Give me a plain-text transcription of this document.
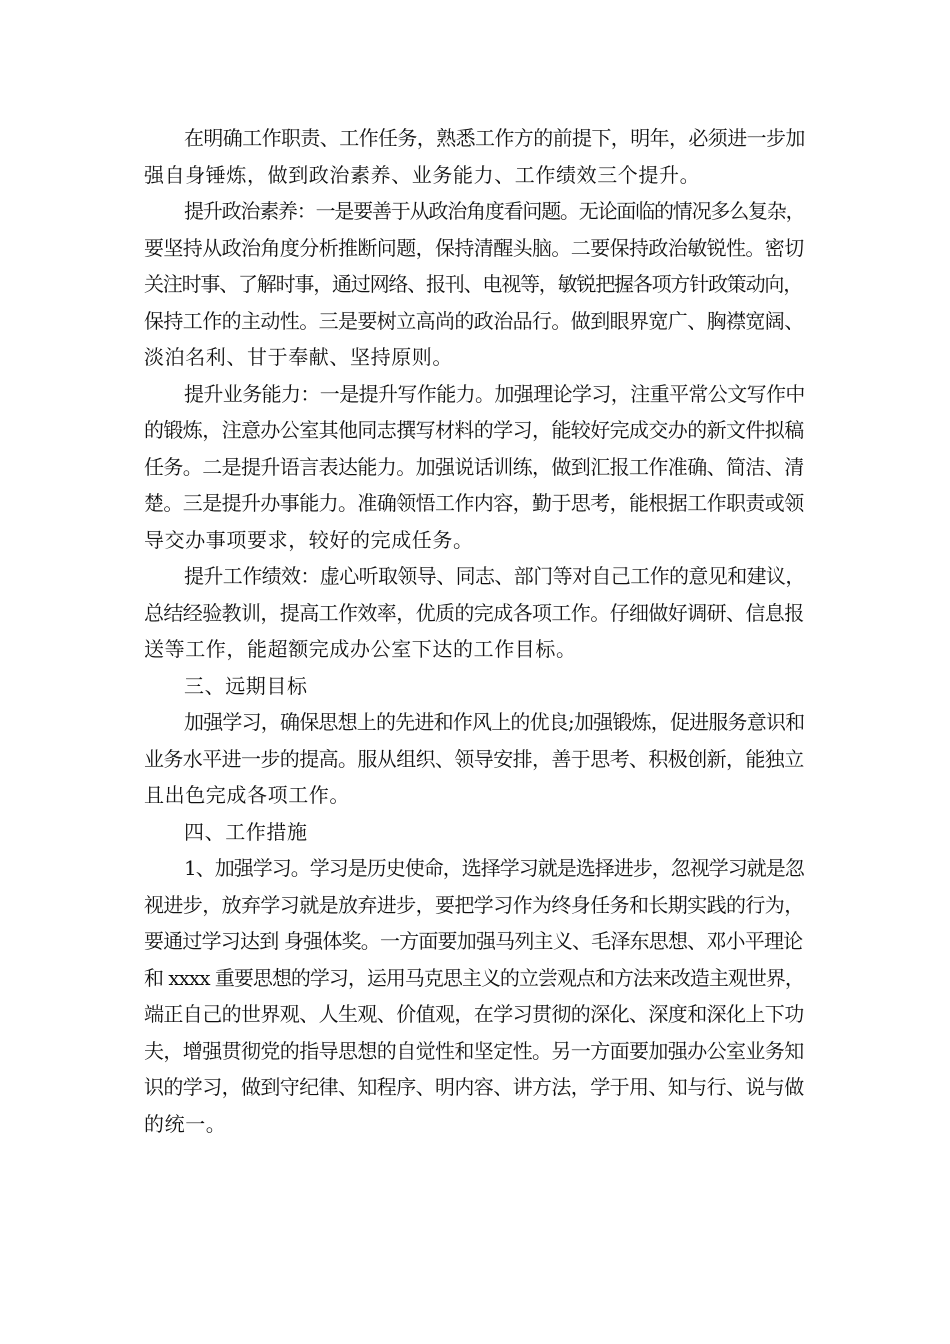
在明确工作职责、工作任务，熟悉工作方的前提下，明年，必须进一步加
强自身锤炼，做到政治素养、业务能力、工作绩效三个提升。
提升政治素养：一是要善于从政治角度看问题。无论面临的情况多么复杂，
要坚持从政治角度分析推断问题，保持清醒头脑。二要保持政治敏锐性。密切
关注时事、了解时事，通过网络、报刊、电视等，敏锐把握各项方针政策动向，
保持工作的主动性。三是要树立高尚的政治品行。做到眼界宽广、胸襟宽阔、
淡泊名利、甘于奉献、坚持原则。
提升业务能力：一是提升写作能力。加强理论学习，注重平常公文写作中
的锻炼，注意办公室其他同志撰写材料的学习，能较好完成交办的新文件拟稿
任务。二是提升语言表达能力。加强说话训练，做到汇报工作准确、简洁、清
楚。三是提升办事能力。准确领悟工作内容，勤于思考，能根据工作职责或领
导交办事项要求，较好的完成任务。
提升工作绩效：虚心听取领导、同志、部门等对自己工作的意见和建议，
总结经验教训，提高工作效率，优质的完成各项工作。仔细做好调研、信息报
送等工作，能超额完成办公室下达的工作目标。
三、远期目标
加强学习，确保思想上的先进和作风上的优良;加强锻炼，促进服务意识和
业务水平进一步的提高。服从组织、领导安排，善于思考、积极创新，能独立
且出色完成各项工作。
四、工作措施
1、加强学习。学习是历史使命，选择学习就是选择进步，忽视学习就是忽
视进步，放弃学习就是放弃进步，要把学习作为终身任务和长期实践的行为，
要通过学习达到 身强体奖。一方面要加强马列主义、毛泽东思想、邓小平理论
和 xxxx 重要思想的学习，运用马克思主义的立尝观点和方法来改造主观世界，
端正自己的世界观、人生观、价值观，在学习贯彻的深化、深度和深化上下功
夫，增强贯彻党的指导思想的自觉性和坚定性。另一方面要加强办公室业务知
识的学习，做到守纪律、知程序、明内容、讲方法，学于用、知与行、说与做
的统一。
